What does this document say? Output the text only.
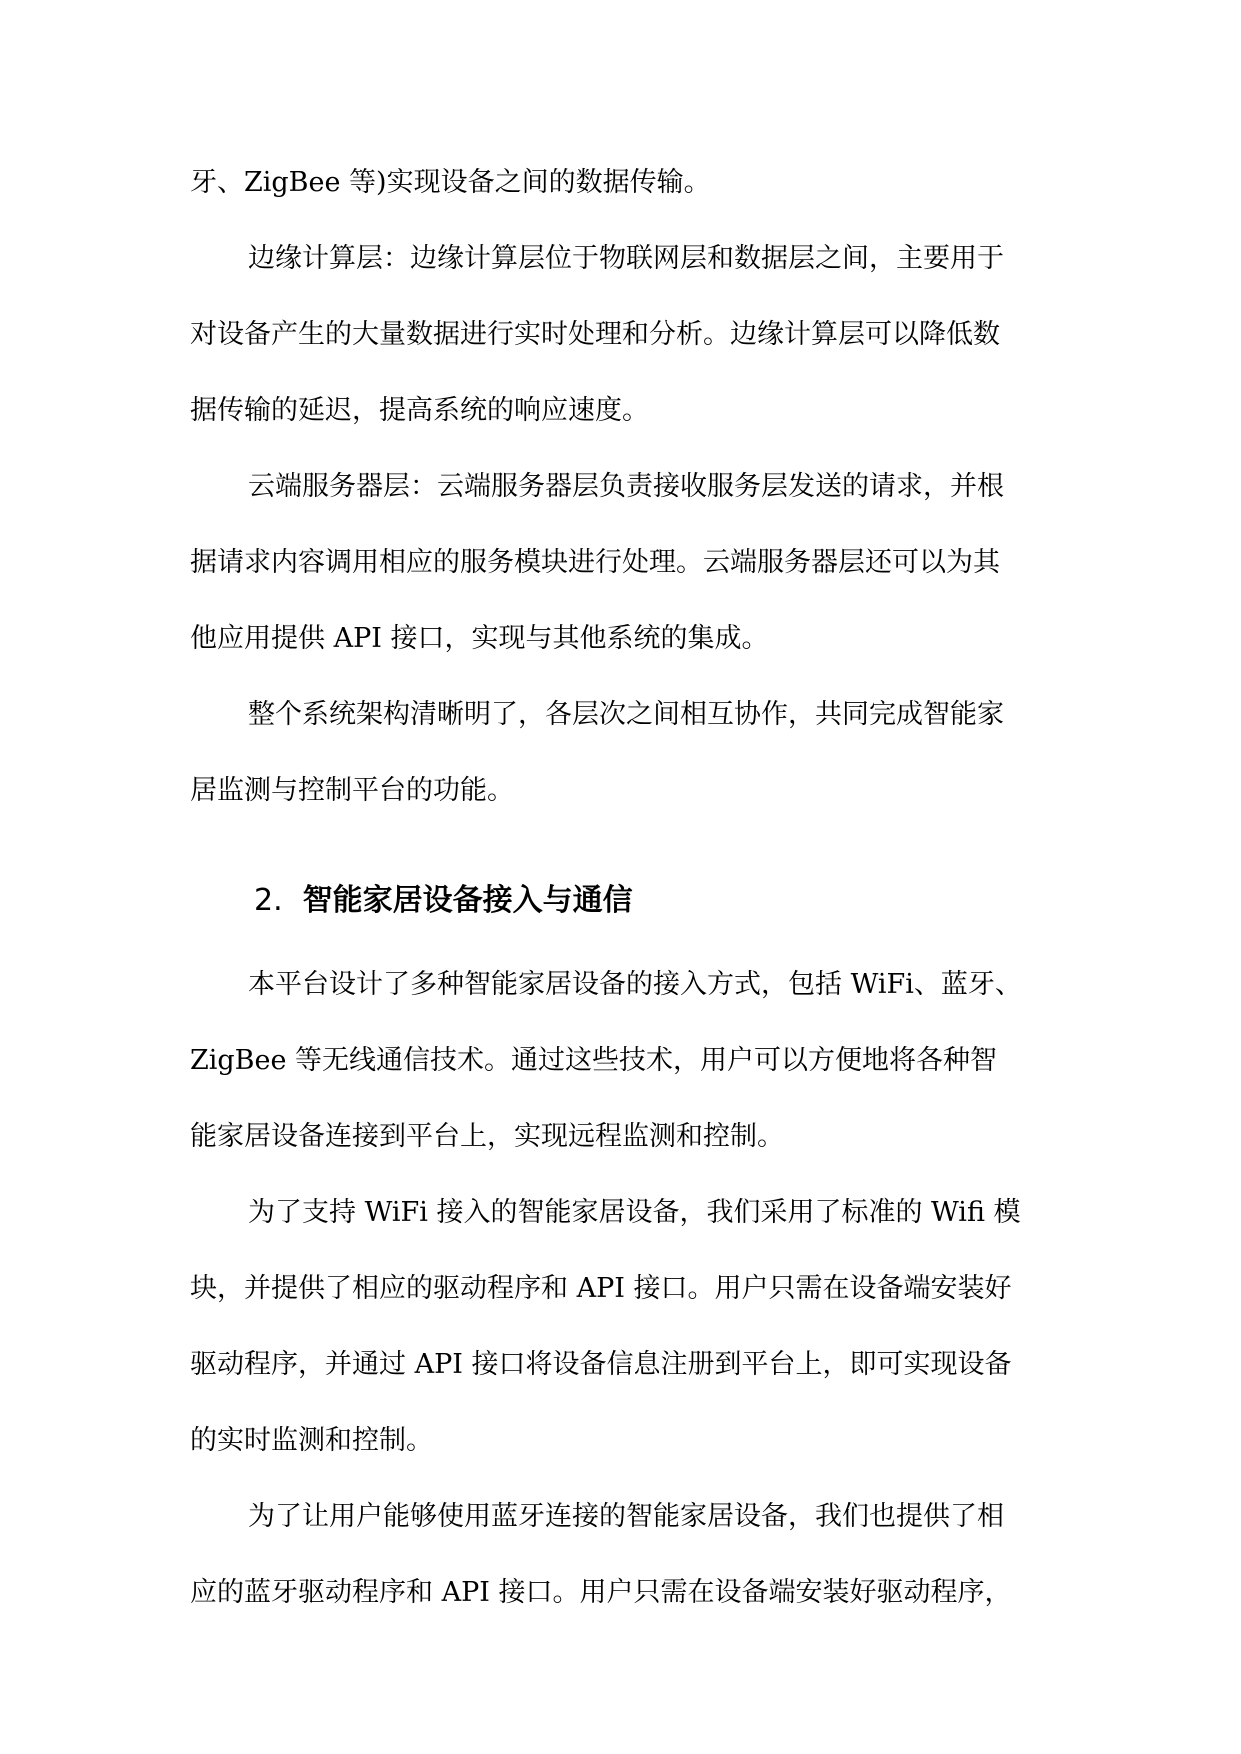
牙、ZigBee 等)实现设备之间的数据传输。
边缘计算层：边缘计算层位于物联网层和数据层之间，主要用于
对设备产生的大量数据进行实时处理和分析。边缘计算层可以降低数
据传输的延迟，提高系统的响应速度。
云端服务器层：云端服务器层负责接收服务层发送的请求，并根
据请求内容调用相应的服务模块进行处理。云端服务器层还可以为其
他应用提供 API 接口，实现与其他系统的集成。
整个系统架构清晰明了，各层次之间相互协作，共同完成智能家
居监测与控制平台的功能。
2. 智能家居设备接入与通信
本平台设计了多种智能家居设备的接入方式，包括 WiFi、蓝牙、
ZigBee 等无线通信技术。通过这些技术，用户可以方便地将各种智
能家居设备连接到平台上，实现远程监测和控制。
为了支持 WiFi 接入的智能家居设备，我们采用了标准的 Wifi 模
块，并提供了相应的驱动程序和 API 接口。用户只需在设备端安装好
驱动程序，并通过 API 接口将设备信息注册到平台上，即可实现设备
的实时监测和控制。
为了让用户能够使用蓝牙连接的智能家居设备，我们也提供了相
应的蓝牙驱动程序和 API 接口。用户只需在设备端安装好驱动程序，
